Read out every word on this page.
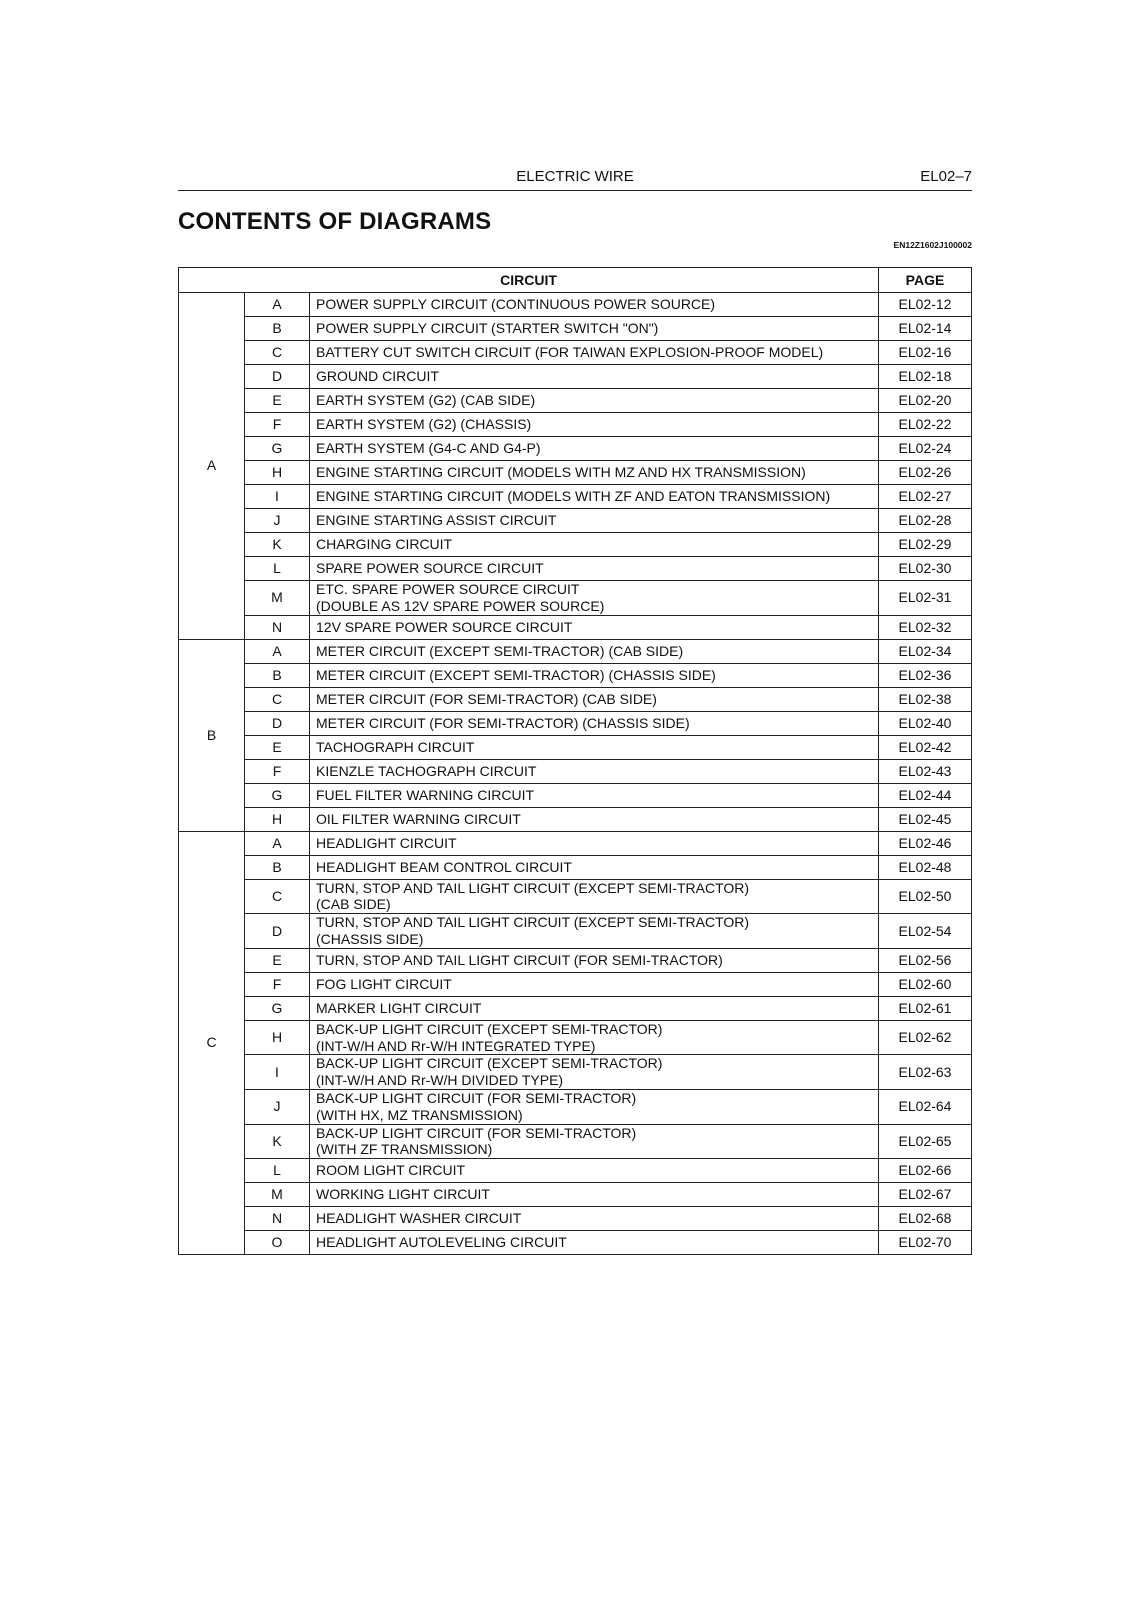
ELECTRIC WIRE	EL02–7
CONTENTS OF DIAGRAMS
EN12Z1602J100002
CIRCUIT			PAGE
A	A	POWER SUPPLY CIRCUIT (CONTINUOUS POWER SOURCE)	EL02-12
	B	POWER SUPPLY CIRCUIT (STARTER SWITCH "ON")	EL02-14
	C	BATTERY CUT SWITCH CIRCUIT (FOR TAIWAN EXPLOSION-PROOF MODEL)	EL02-16
	D	GROUND CIRCUIT	EL02-18
	E	EARTH SYSTEM (G2) (CAB SIDE)	EL02-20
	F	EARTH SYSTEM (G2) (CHASSIS)	EL02-22
	G	EARTH SYSTEM (G4-C AND G4-P)	EL02-24
	H	ENGINE STARTING CIRCUIT (MODELS WITH MZ AND HX TRANSMISSION)	EL02-26
	I	ENGINE STARTING CIRCUIT (MODELS WITH ZF AND EATON TRANSMISSION)	EL02-27
	J	ENGINE STARTING ASSIST CIRCUIT	EL02-28
	K	CHARGING CIRCUIT	EL02-29
	L	SPARE POWER SOURCE CIRCUIT	EL02-30
	M	ETC. SPARE POWER SOURCE CIRCUIT
(DOUBLE AS 12V SPARE POWER SOURCE)	EL02-31
	N	12V SPARE POWER SOURCE CIRCUIT	EL02-32
B	A	METER CIRCUIT (EXCEPT SEMI-TRACTOR) (CAB SIDE)	EL02-34
	B	METER CIRCUIT (EXCEPT SEMI-TRACTOR) (CHASSIS SIDE)	EL02-36
	C	METER CIRCUIT (FOR SEMI-TRACTOR) (CAB SIDE)	EL02-38
	D	METER CIRCUIT (FOR SEMI-TRACTOR) (CHASSIS SIDE)	EL02-40
	E	TACHOGRAPH CIRCUIT	EL02-42
	F	KIENZLE TACHOGRAPH CIRCUIT	EL02-43
	G	FUEL FILTER WARNING CIRCUIT	EL02-44
	H	OIL FILTER WARNING CIRCUIT	EL02-45
C	A	HEADLIGHT CIRCUIT	EL02-46
	B	HEADLIGHT BEAM CONTROL CIRCUIT	EL02-48
	C	TURN, STOP AND TAIL LIGHT CIRCUIT (EXCEPT SEMI-TRACTOR)
(CAB SIDE)	EL02-50
	D	TURN, STOP AND TAIL LIGHT CIRCUIT (EXCEPT SEMI-TRACTOR)
(CHASSIS SIDE)	EL02-54
	E	TURN, STOP AND TAIL LIGHT CIRCUIT (FOR SEMI-TRACTOR)	EL02-56
	F	FOG LIGHT CIRCUIT	EL02-60
	G	MARKER LIGHT CIRCUIT	EL02-61
	H	BACK-UP LIGHT CIRCUIT (EXCEPT SEMI-TRACTOR)
(INT-W/H AND Rr-W/H INTEGRATED TYPE)	EL02-62
	I	BACK-UP LIGHT CIRCUIT (EXCEPT SEMI-TRACTOR)
(INT-W/H AND Rr-W/H DIVIDED TYPE)	EL02-63
	J	BACK-UP LIGHT CIRCUIT (FOR SEMI-TRACTOR)
(WITH HX, MZ TRANSMISSION)	EL02-64
	K	BACK-UP LIGHT CIRCUIT (FOR SEMI-TRACTOR)
(WITH ZF TRANSMISSION)	EL02-65
	L	ROOM LIGHT CIRCUIT	EL02-66
	M	WORKING LIGHT CIRCUIT	EL02-67
	N	HEADLIGHT WASHER CIRCUIT	EL02-68
	O	HEADLIGHT AUTOLEVELING CIRCUIT	EL02-70
